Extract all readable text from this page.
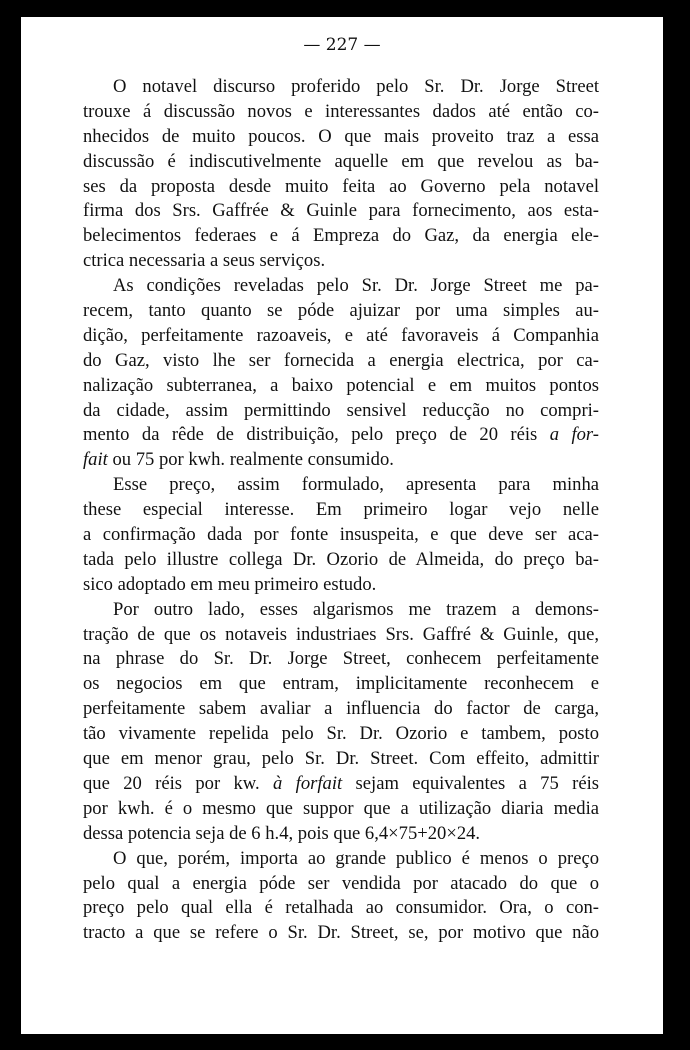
— 227 —
O notavel discurso proferido pelo Sr. Dr. Jorge Street
trouxe á discussão novos e interessantes dados até então co-
nhecidos de muito poucos. O que mais proveito traz a essa
discussão é indiscutivelmente aquelle em que revelou as ba-
ses da proposta desde muito feita ao Governo pela notavel
firma dos Srs. Gaffrée & Guinle para fornecimento, aos esta-
belecimentos federaes e á Empreza do Gaz, da energia ele-
ctrica necessaria a seus serviços.
As condições reveladas pelo Sr. Dr. Jorge Street me pa-
recem, tanto quanto se póde ajuizar por uma simples au-
dição, perfeitamente razoaveis, e até favoraveis á Companhia
do Gaz, visto lhe ser fornecida a energia electrica, por ca-
nalização subterranea, a baixo potencial e em muitos pontos
da cidade, assim permittindo sensivel reducção no compri-
mento da rêde de distribuição, pelo preço de 20 réis a for-
fait ou 75 por kwh. realmente consumido.
Esse preço, assim formulado, apresenta para minha
these especial interesse. Em primeiro logar vejo nelle
a confirmação dada por fonte insuspeita, e que deve ser aca-
tada pelo illustre collega Dr. Ozorio de Almeida, do preço ba-
sico adoptado em meu primeiro estudo.
Por outro lado, esses algarismos me trazem a demons-
tração de que os notaveis industriaes Srs. Gaffré & Guinle, que,
na phrase do Sr. Dr. Jorge Street, conhecem perfeitamente
os negocios em que entram, implicitamente reconhecem e
perfeitamente sabem avaliar a influencia do factor de carga,
tão vivamente repelida pelo Sr. Dr. Ozorio e tambem, posto
que em menor grau, pelo Sr. Dr. Street. Com effeito, admittir
que 20 réis por kw. à forfait sejam equivalentes a 75 réis
por kwh. é o mesmo que suppor que a utilização diaria media
dessa potencia seja de 6 h.4, pois que 6,4×75+20×24.
O que, porém, importa ao grande publico é menos o preço
pelo qual a energia póde ser vendida por atacado do que o
preço pelo qual ella é retalhada ao consumidor. Ora, o con-
tracto a que se refere o Sr. Dr. Street, se, por motivo que não
